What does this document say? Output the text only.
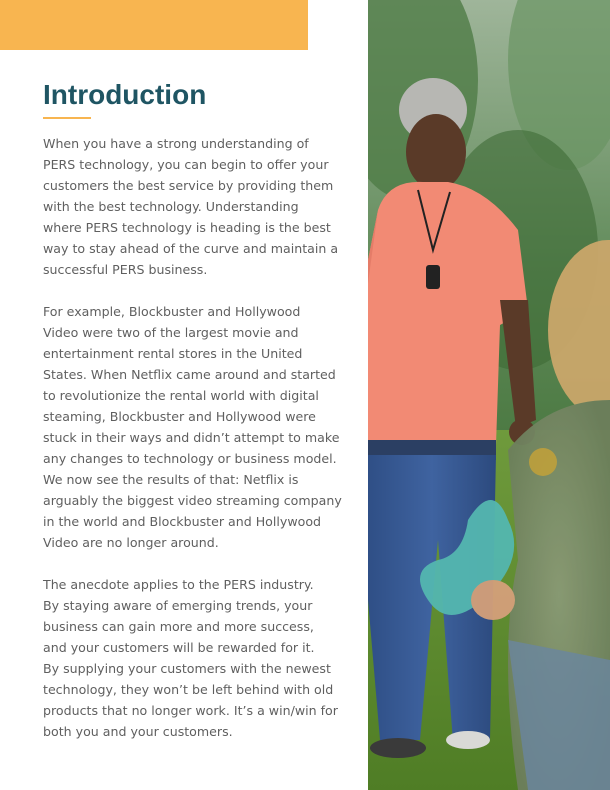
Introduction

When you have a strong understanding of
PERS technology, you can begin to offer your
customers the best service by providing them
with the best technology. Understanding
where PERS technology is heading is the best
way to stay ahead of the curve and maintain a
successful PERS business.

For example, Blockbuster and Hollywood
Video were two of the largest movie and
entertainment rental stores in the United
States. When Netflix came around and started
to revolutionize the rental world with digital
steaming, Blockbuster and Hollywood were
stuck in their ways and didn’t attempt to make
any changes to technology or business model.
We now see the results of that: Netflix is
arguably the biggest video streaming company
in the world and Blockbuster and Hollywood
Video are no longer around.

The anecdote applies to the PERS industry.
By staying aware of emerging trends, your
business can gain more and more success,
and your customers will be rewarded for it.
By supplying your customers with the newest
technology, they won’t be left behind with old
products that no longer work. It’s a win/win for
both you and your customers.
